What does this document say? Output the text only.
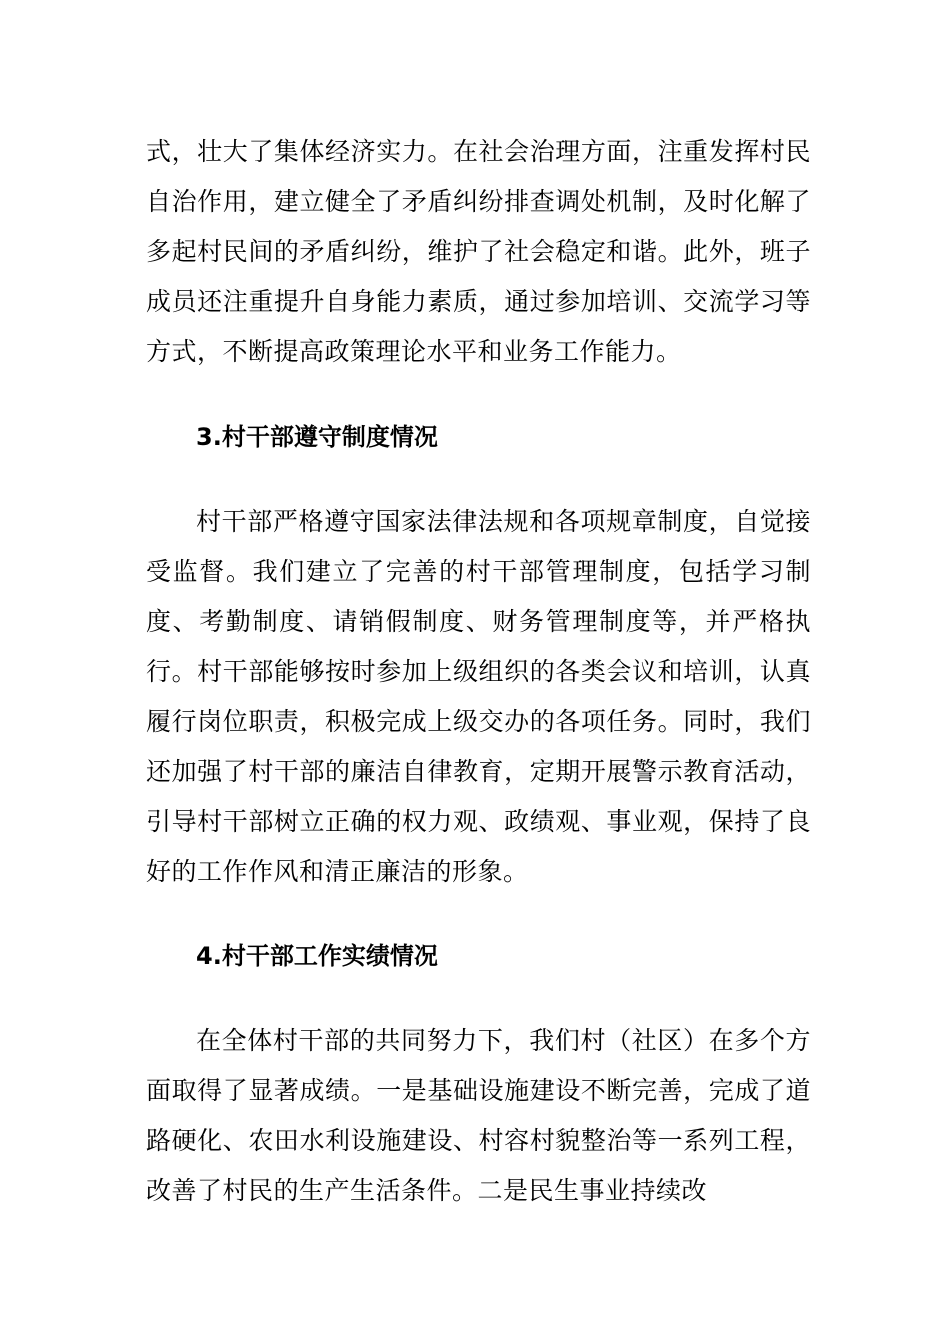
式，壮大了集体经济实力。在社会治理方面，注重发挥村民自治作用，建立健全了矛盾纠纷排查调处机制，及时化解了多起村民间的矛盾纠纷，维护了社会稳定和谐。此外，班子成员还注重提升自身能力素质，通过参加培训、交流学习等方式，不断提高政策理论水平和业务工作能力。

3.村干部遵守制度情况

村干部严格遵守国家法律法规和各项规章制度，自觉接受监督。我们建立了完善的村干部管理制度，包括学习制度、考勤制度、请销假制度、财务管理制度等，并严格执行。村干部能够按时参加上级组织的各类会议和培训，认真履行岗位职责，积极完成上级交办的各项任务。同时，我们还加强了村干部的廉洁自律教育，定期开展警示教育活动，引导村干部树立正确的权力观、政绩观、事业观，保持了良好的工作作风和清正廉洁的形象。

4.村干部工作实绩情况

在全体村干部的共同努力下，我们村（社区）在多个方面取得了显著成绩。一是基础设施建设不断完善，完成了道路硬化、农田水利设施建设、村容村貌整治等一系列工程，改善了村民的生产生活条件。二是民生事业持续改
